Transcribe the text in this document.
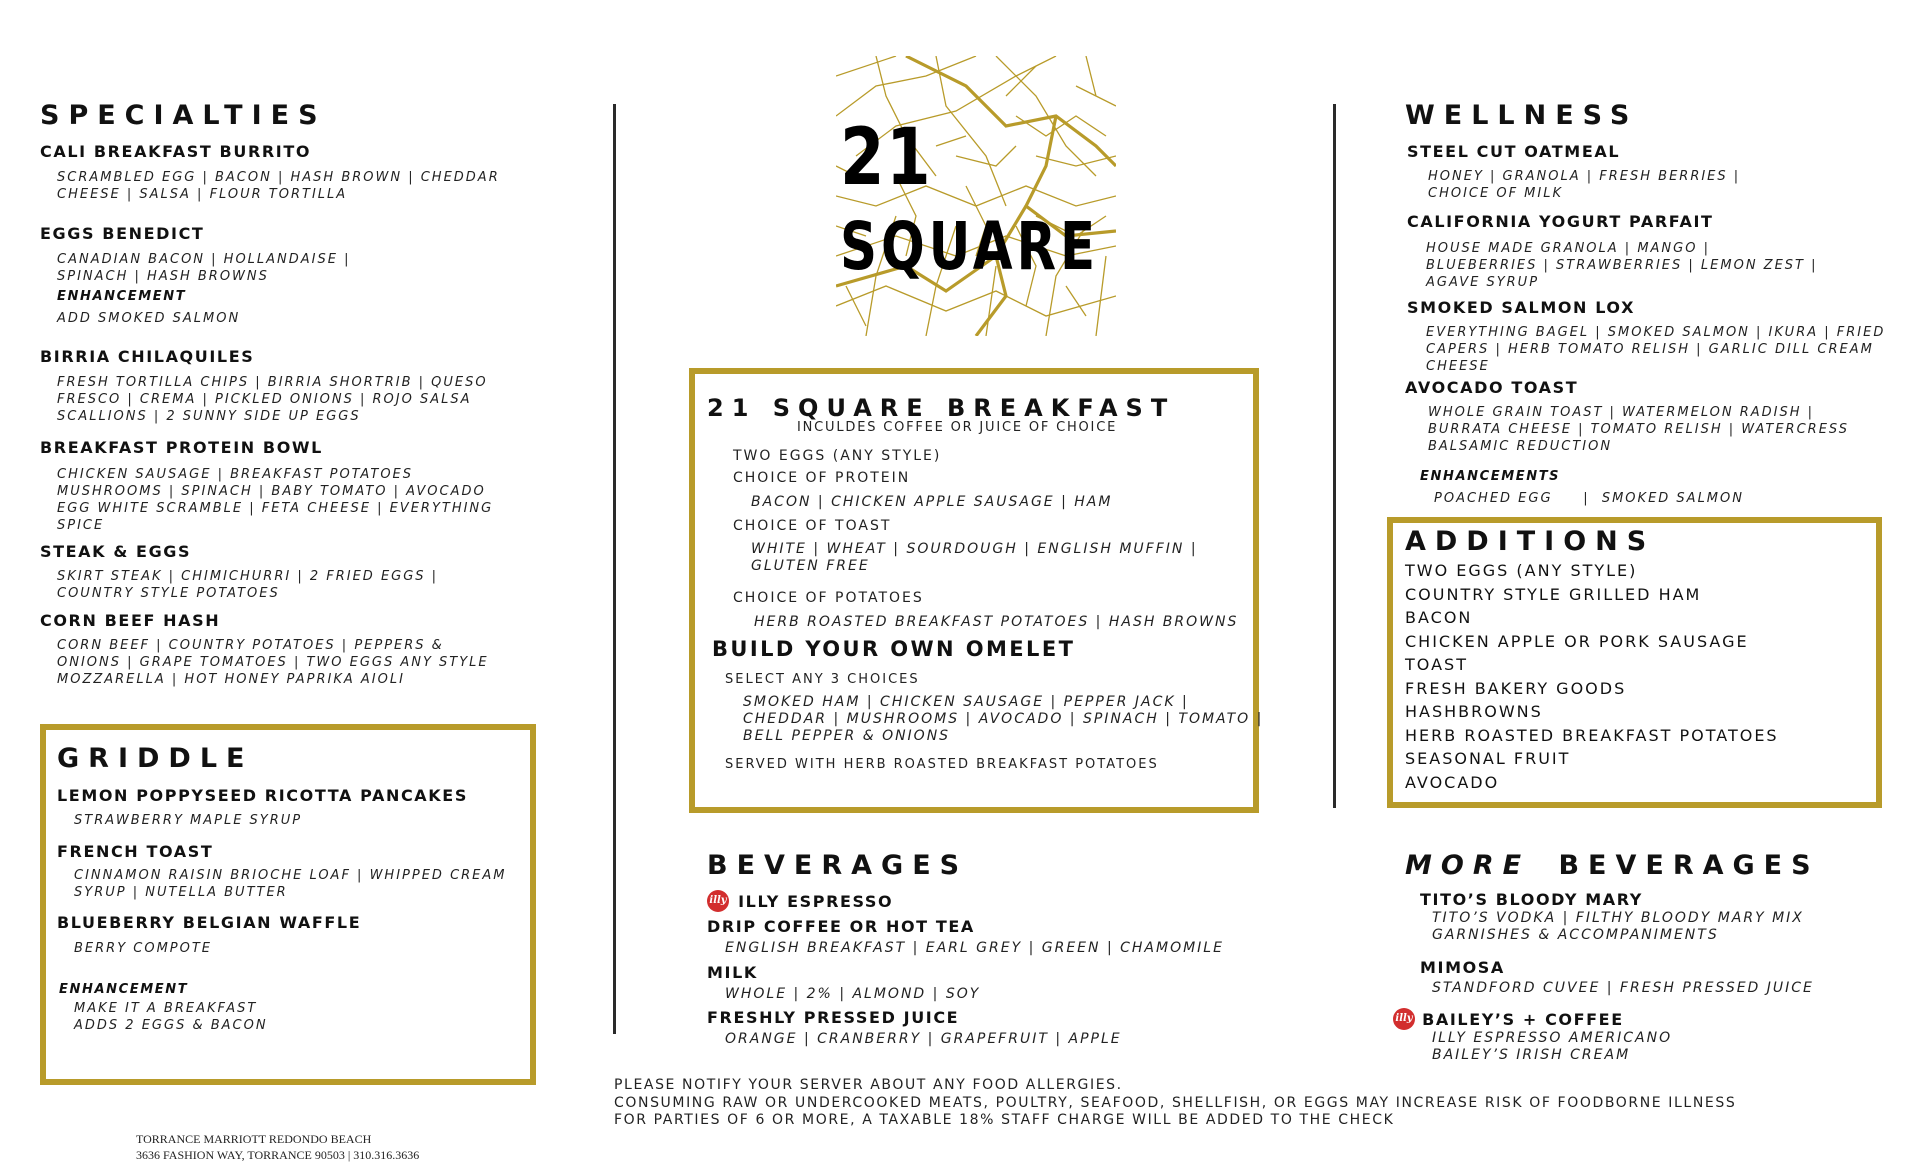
21
SQUARE
SPECIALTIES
CALI BREAKFAST BURRITO
SCRAMBLED EGG | BACON | HASH BROWN | CHEDDAR
CHEESE | SALSA | FLOUR TORTILLA
EGGS BENEDICT
CANADIAN BACON | HOLLANDAISE |
SPINACH | HASH BROWNS
ENHANCEMENT
ADD SMOKED SALMON
BIRRIA CHILAQUILES
FRESH TORTILLA CHIPS | BIRRIA SHORTRIB | QUESO
FRESCO | CREMA | PICKLED ONIONS | ROJO SALSA
SCALLIONS | 2 SUNNY SIDE UP EGGS
BREAKFAST PROTEIN BOWL
CHICKEN SAUSAGE | BREAKFAST POTATOES
MUSHROOMS | SPINACH | BABY TOMATO | AVOCADO
EGG WHITE SCRAMBLE | FETA CHEESE | EVERYTHING
SPICE
STEAK & EGGS
SKIRT STEAK | CHIMICHURRI | 2 FRIED EGGS |
COUNTRY STYLE POTATOES
CORN BEEF HASH
CORN BEEF | COUNTRY POTATOES | PEPPERS &
ONIONS | GRAPE TOMATOES | TWO EGGS ANY STYLE
MOZZARELLA | HOT HONEY PAPRIKA AIOLI
GRIDDLE
LEMON POPPYSEED RICOTTA PANCAKES
STRAWBERRY MAPLE SYRUP
FRENCH TOAST
CINNAMON RAISIN BRIOCHE LOAF | WHIPPED CREAM
SYRUP | NUTELLA BUTTER
BLUEBERRY BELGIAN WAFFLE
BERRY COMPOTE
ENHANCEMENT
MAKE IT A BREAKFAST
ADDS 2 EGGS & BACON
21 SQUARE BREAKFAST
INCULDES COFFEE OR JUICE OF CHOICE
TWO EGGS (ANY STYLE)
CHOICE OF PROTEIN
BACON | CHICKEN APPLE SAUSAGE | HAM
CHOICE OF TOAST
WHITE | WHEAT | SOURDOUGH | ENGLISH MUFFIN |
GLUTEN FREE
CHOICE OF POTATOES
HERB ROASTED BREAKFAST POTATOES | HASH BROWNS
BUILD YOUR OWN OMELET
SELECT ANY 3 CHOICES
SMOKED HAM | CHICKEN SAUSAGE | PEPPER JACK |
CHEDDAR | MUSHROOMS | AVOCADO | SPINACH | TOMATO |
BELL PEPPER & ONIONS
SERVED WITH HERB ROASTED BREAKFAST POTATOES
BEVERAGES
illy ILLY ESPRESSO
DRIP COFFEE OR HOT TEA
ENGLISH BREAKFAST | EARL GREY | GREEN | CHAMOMILE
MILK
WHOLE | 2% | ALMOND | SOY
FRESHLY PRESSED JUICE
ORANGE | CRANBERRY | GRAPEFRUIT | APPLE
WELLNESS
STEEL CUT OATMEAL
HONEY | GRANOLA | FRESH BERRIES |
CHOICE OF MILK
CALIFORNIA YOGURT PARFAIT
HOUSE MADE GRANOLA | MANGO |
BLUEBERRIES | STRAWBERRIES | LEMON ZEST |
AGAVE SYRUP
SMOKED SALMON LOX
EVERYTHING BAGEL | SMOKED SALMON | IKURA | FRIED
CAPERS | HERB TOMATO RELISH | GARLIC DILL CREAM
CHEESE
AVOCADO TOAST
WHOLE GRAIN TOAST | WATERMELON RADISH |
BURRATA CHEESE | TOMATO RELISH | WATERCRESS
BALSAMIC REDUCTION
ENHANCEMENTS
POACHED EGG     |  SMOKED SALMON
ADDITIONS
TWO EGGS (ANY STYLE)
COUNTRY STYLE GRILLED HAM
BACON
CHICKEN APPLE OR PORK SAUSAGE
TOAST
FRESH BAKERY GOODS
HASHBROWNS
HERB ROASTED BREAKFAST POTATOES
SEASONAL FRUIT
AVOCADO
MORE BEVERAGES
TITO’S BLOODY MARY
TITO’S VODKA | FILTHY BLOODY MARY MIX
GARNISHES & ACCOMPANIMENTS
MIMOSA
STANDFORD CUVEE | FRESH PRESSED JUICE
illy BAILEY’S + COFFEE
ILLY ESPRESSO AMERICANO
BAILEY’S IRISH CREAM
PLEASE NOTIFY YOUR SERVER ABOUT ANY FOOD ALLERGIES.
CONSUMING RAW OR UNDERCOOKED MEATS, POULTRY, SEAFOOD, SHELLFISH, OR EGGS MAY INCREASE RISK OF FOODBORNE ILLNESS
FOR PARTIES OF 6 OR MORE, A TAXABLE 18% STAFF CHARGE WILL BE ADDED TO THE CHECK
TORRANCE MARRIOTT REDONDO BEACH
3636 FASHION WAY, TORRANCE 90503 | 310.316.3636
